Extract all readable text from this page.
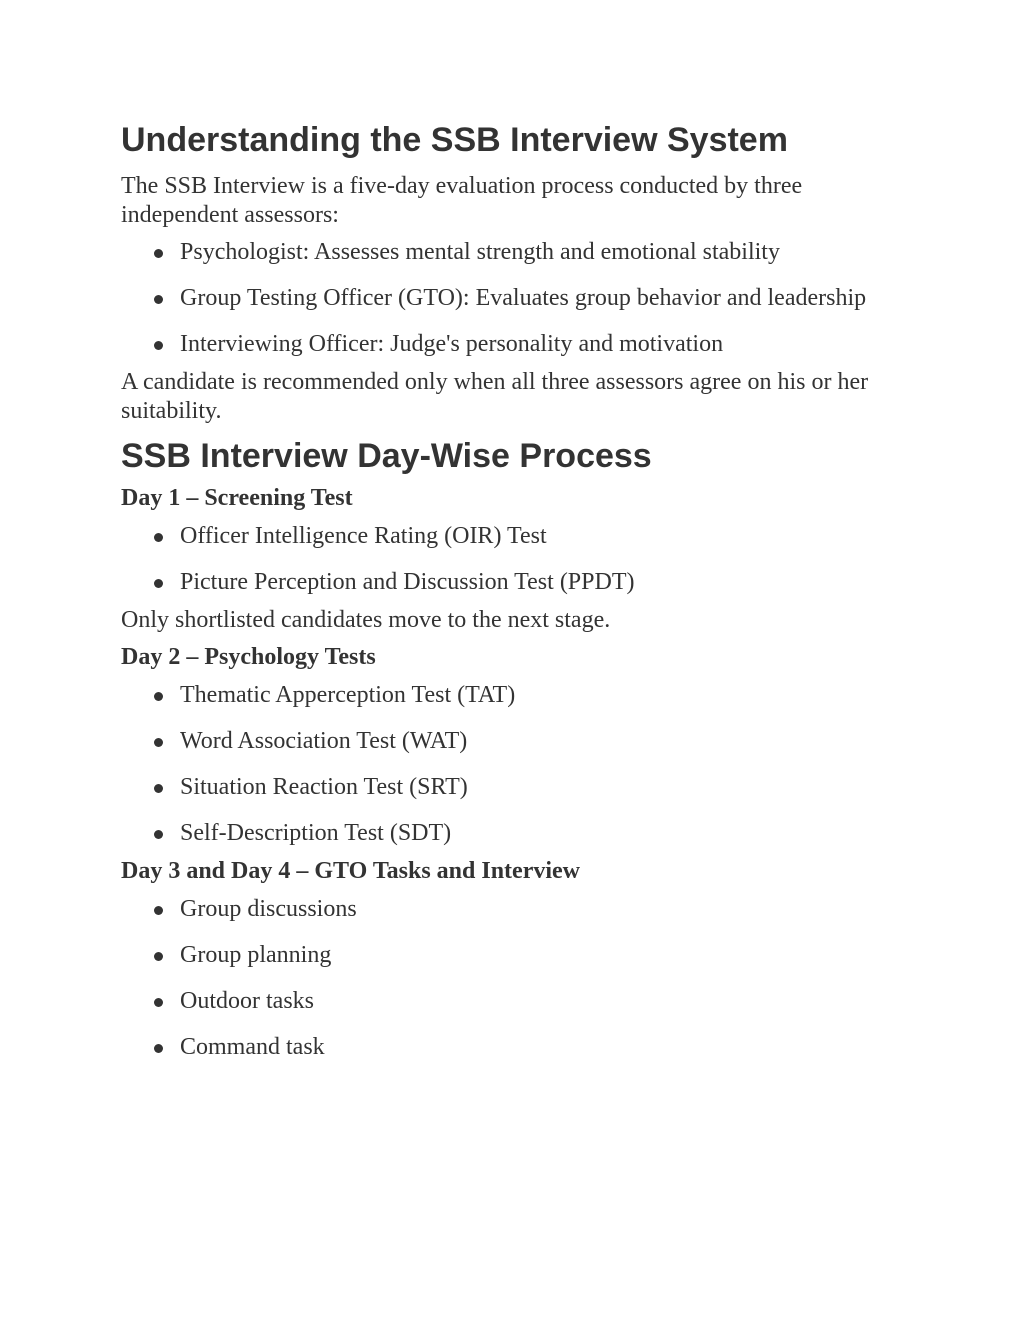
Understanding the SSB Interview System

The SSB Interview is a five-day evaluation process conducted by three independent assessors:

Psychologist: Assesses mental strength and emotional stability
Group Testing Officer (GTO): Evaluates group behavior and leadership
Interviewing Officer: Judge's personality and motivation

A candidate is recommended only when all three assessors agree on his or her suitability.

SSB Interview Day-Wise Process
Day 1 – Screening Test
Officer Intelligence Rating (OIR) Test
Picture Perception and Discussion Test (PPDT)

Only shortlisted candidates move to the next stage.

Day 2 – Psychology Tests
Thematic Apperception Test (TAT)
Word Association Test (WAT)
Situation Reaction Test (SRT)
Self-Description Test (SDT)
Day 3 and Day 4 – GTO Tasks and Interview
Group discussions
Group planning
Outdoor tasks
Command task
